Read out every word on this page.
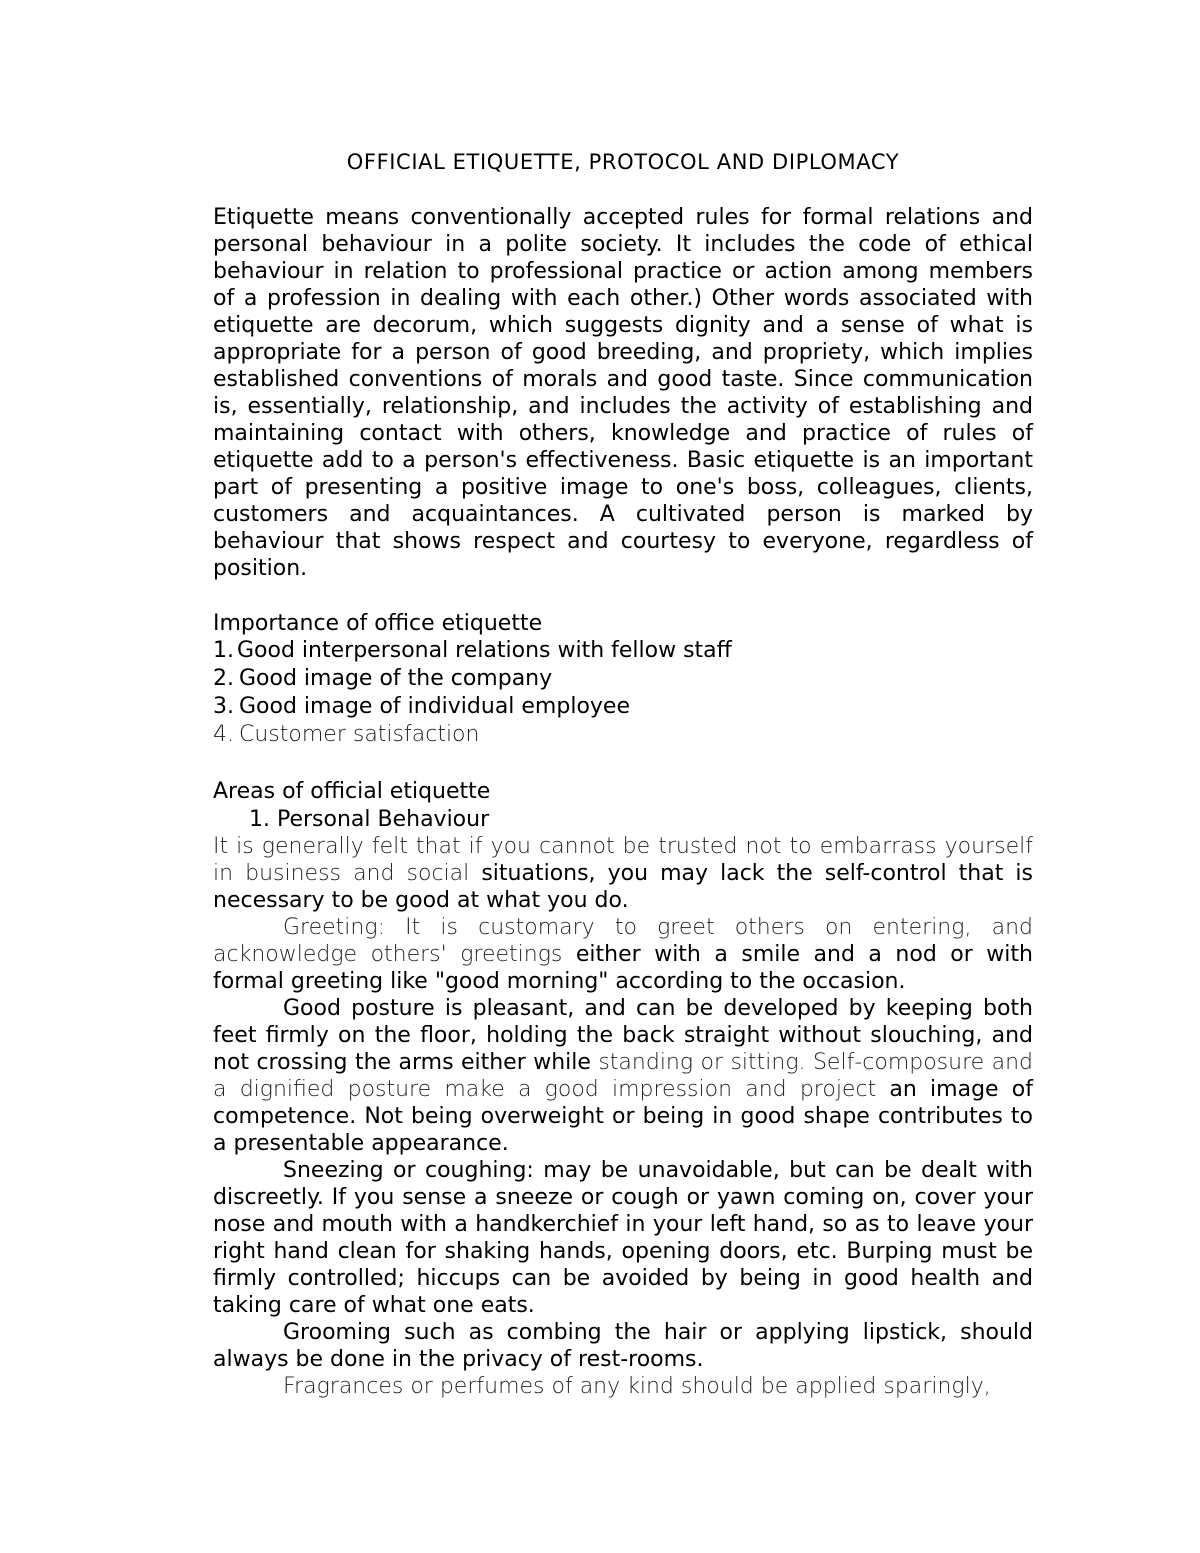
OFFICIAL ETIQUETTE, PROTOCOL AND DIPLOMACY

Etiquette means conventionally accepted rules for formal relations and personal behaviour in a polite society. It includes the code of ethical behaviour in relation to professional practice or action among members of a profession in dealing with each other.) Other words associated with etiquette are decorum, which suggests dignity and a sense of what is appropriate for a person of good breeding, and propriety, which implies established conventions of morals and good taste. Since communication is, essentially, relationship, and includes the activity of establishing and maintaining contact with others, knowledge and practice of rules of etiquette add to a person's effectiveness. Basic etiquette is an important part of presenting a positive image to one's boss, colleagues, clients, customers and acquaintances. A cultivated person is marked by behaviour that shows respect and courtesy to everyone, regardless of position.

Importance of office etiquette
1. Good interpersonal relations with fellow staff
2. Good image of the company
3. Good image of individual employee
4. Customer satisfaction
Areas of official etiquette
1. Personal Behaviour

It is generally felt that if you cannot be trusted not to embarrass yourself in business and social situations, you may lack the self-control that is necessary to be good at what you do.

Greeting: It is customary to greet others on entering, and acknowledge others' greetings either with a smile and a nod or with formal greeting like "good morning" according to the occasion.

Good posture is pleasant, and can be developed by keeping both feet firmly on the floor, holding the back straight without slouching, and not crossing the arms either while standing or sitting. Self-composure and a dignified posture make a good impression and project an image of competence. Not being overweight or being in good shape contributes to a presentable appearance.

Sneezing or coughing: may be unavoidable, but can be dealt with discreetly. If you sense a sneeze or cough or yawn coming on, cover your nose and mouth with a handkerchief in your left hand, so as to leave your right hand clean for shaking hands, opening doors, etc. Burping must be firmly controlled; hiccups can be avoided by being in good health and taking care of what one eats.

Grooming such as combing the hair or applying lipstick, should always be done in the privacy of rest-rooms.

Fragrances or perfumes of any kind should be applied sparingly,
